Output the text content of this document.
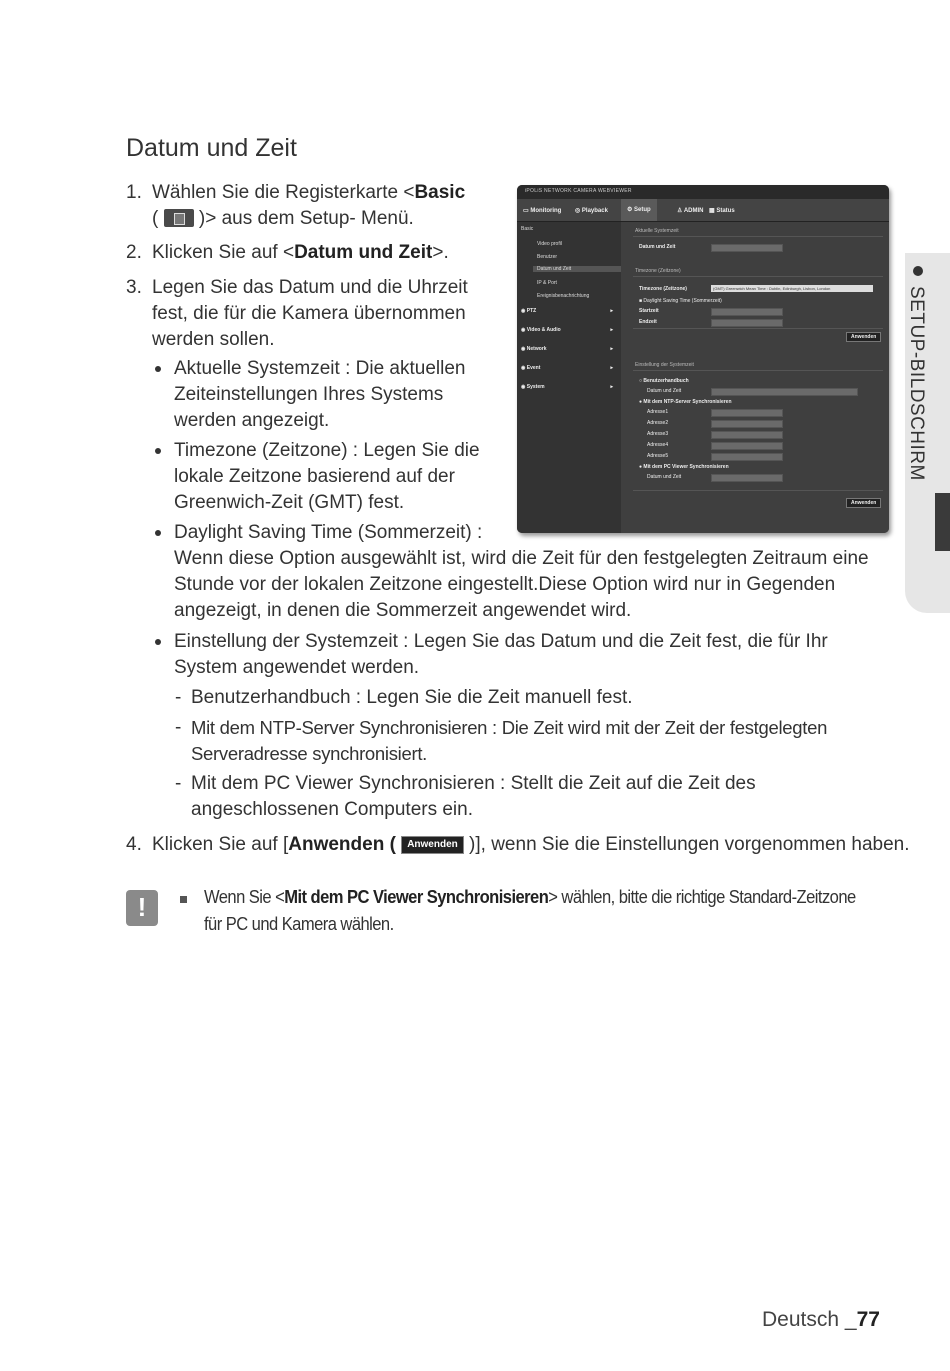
SETUP-BILDSCHIRM
Datum und Zeit
1. Wählen Sie die Registerkarte <Basic
( )> aus dem Setup- Menü.
2. Klicken Sie auf <Datum und Zeit>.
3. Legen Sie das Datum und die Uhrzeit
fest, die für die Kamera übernommen
werden sollen.
Aktuelle Systemzeit : Die aktuellen
Zeiteinstellungen Ihres Systems
werden angezeigt.
Timezone (Zeitzone) : Legen Sie die
lokale Zeitzone basierend auf der
Greenwich-Zeit (GMT) fest.
Daylight Saving Time (Sommerzeit) :
Wenn diese Option ausgewählt ist, wird die Zeit für den festgelegten Zeitraum eine
Stunde vor der lokalen Zeitzone eingestellt.Diese Option wird nur in Gegenden
angezeigt, in denen die Sommerzeit angewendet wird.
Einstellung der Systemzeit : Legen Sie das Datum und die Zeit fest, die für Ihr
System angewendet werden.
- Benutzerhandbuch : Legen Sie die Zeit manuell fest.
- Mit dem NTP-Server Synchronisieren : Die Zeit wird mit der Zeit der festgelegten
Serveradresse synchronisiert.
- Mit dem PC Viewer Synchronisieren : Stellt die Zeit auf die Zeit des
angeschlossenen Computers ein.
4. Klicken Sie auf [Anwenden ( Anwenden )], wenn Sie die Einstellungen vorgenommen haben.
!	Wenn Sie <Mit dem PC Viewer Synchronisieren> wählen, bitte die richtige Standard-Zeitzone
für PC und Kamera wählen.
iPOLiS NETWORK CAMERA WEBVIEWER
▭ Monitoring ◎ Playback	⚙ Setup	♙ ADMIN ▦ Status
Basic
Video profil
Benutzer
Datum und Zeit
IP & Port
Ereignisbenachrichtung
◉ PTZ	▸
◉ Video & Audio	▸
◉ Network	▸
◉ Event	▸
◉ System	▸
Aktuelle Systemzeit
Datum und Zeit
Timezone (Zeitzone)
Timezone (Zeitzone)	(GMT) Greenwich Mean Time : Dublin, Edinburgh, Lisbon, London
■ Daylight Saving Time (Sommerzeit)
Startzeit
Endzeit
Anwenden
Einstellung der Systemzeit
○ Benutzerhandbuch
Datum und Zeit
● Mit dem NTP-Server Synchronisieren
Adresse1
Adresse2
Adresse3
Adresse4
Adresse5
● Mit dem PC Viewer Synchronisieren
Datum und Zeit
Anwenden
Deutsch _77
